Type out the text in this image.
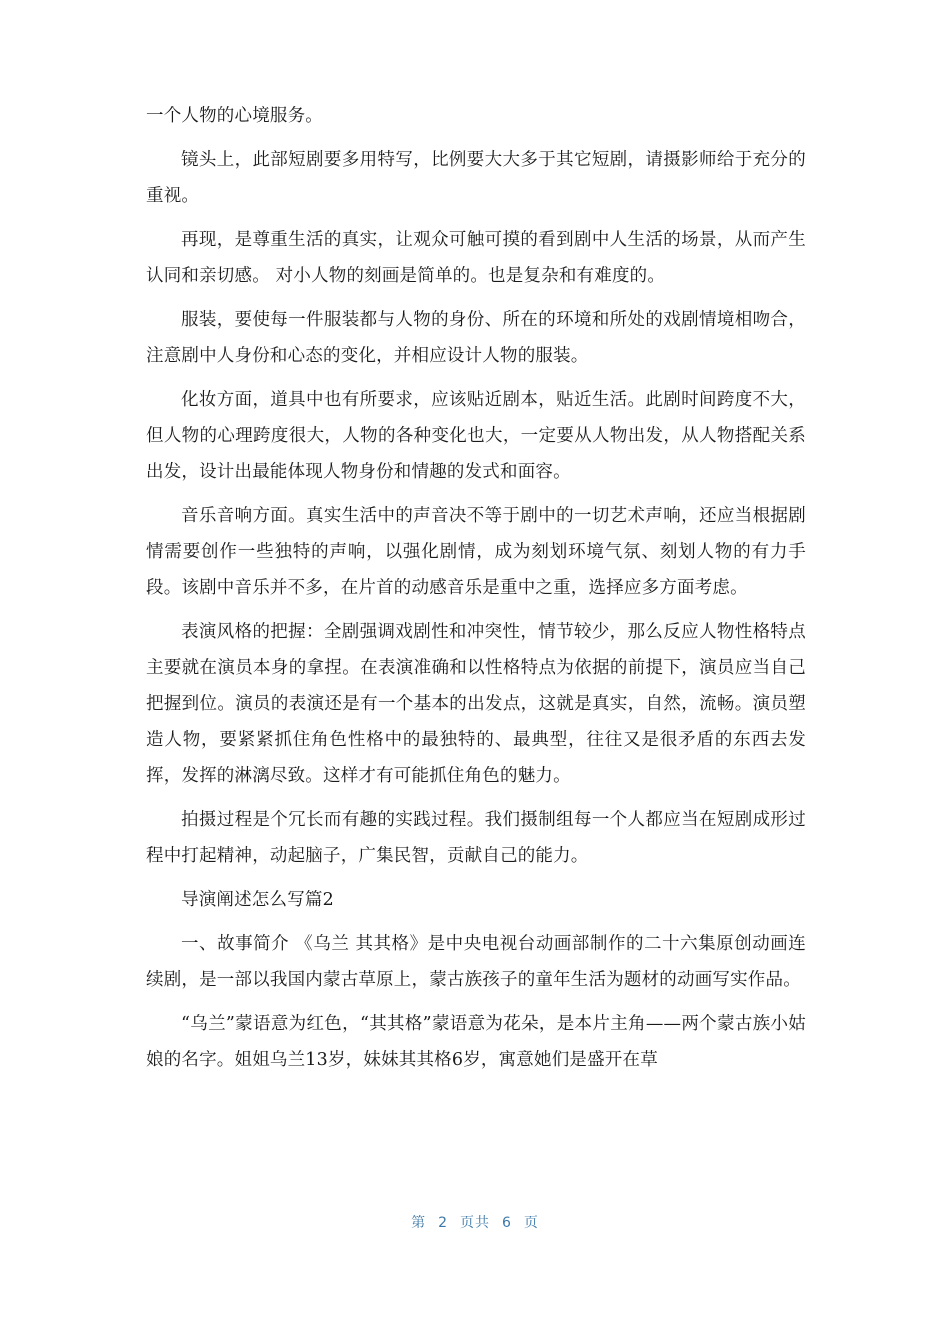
一个人物的心境服务。

镜头上，此部短剧要多用特写，比例要大大多于其它短剧，请摄影师给于充分的重视。

再现，是尊重生活的真实，让观众可触可摸的看到剧中人生活的场景，从而产生认同和亲切感。 对小人物的刻画是简单的。也是复杂和有难度的。

服装，要使每一件服装都与人物的身份、所在的环境和所处的戏剧情境相吻合，注意剧中人身份和心态的变化，并相应设计人物的服装。

化妆方面，道具中也有所要求，应该贴近剧本，贴近生活。此剧时间跨度不大，但人物的心理跨度很大，人物的各种变化也大，一定要从人物出发，从人物搭配关系出发，设计出最能体现人物身份和情趣的发式和面容。

音乐音响方面。真实生活中的声音决不等于剧中的一切艺术声响，还应当根据剧情需要创作一些独特的声响，以强化剧情，成为刻划环境气氛、刻划人物的有力手段。该剧中音乐并不多，在片首的动感音乐是重中之重，选择应多方面考虑。

表演风格的把握：全剧强调戏剧性和冲突性，情节较少，那么反应人物性格特点主要就在演员本身的拿捏。在表演准确和以性格特点为依据的前提下，演员应当自己把握到位。演员的表演还是有一个基本的出发点，这就是真实，自然，流畅。演员塑造人物，要紧紧抓住角色性格中的最独特的、最典型，往往又是很矛盾的东西去发挥，发挥的淋漓尽致。这样才有可能抓住角色的魅力。

拍摄过程是个冗长而有趣的实践过程。我们摄制组每一个人都应当在短剧成形过程中打起精神，动起脑子，广集民智，贡献自己的能力。

导演阐述怎么写篇2

一、故事简介 《乌兰 其其格》是中央电视台动画部制作的二十六集原创动画连续剧，是一部以我国内蒙古草原上，蒙古族孩子的童年生活为题材的动画写实作品。

“乌兰”蒙语意为红色，“其其格”蒙语意为花朵，是本片主角——两个蒙古族小姑娘的名字。姐姐乌兰13岁，妹妹其其格6岁，寓意她们是盛开在草

第 2 页共 6 页
